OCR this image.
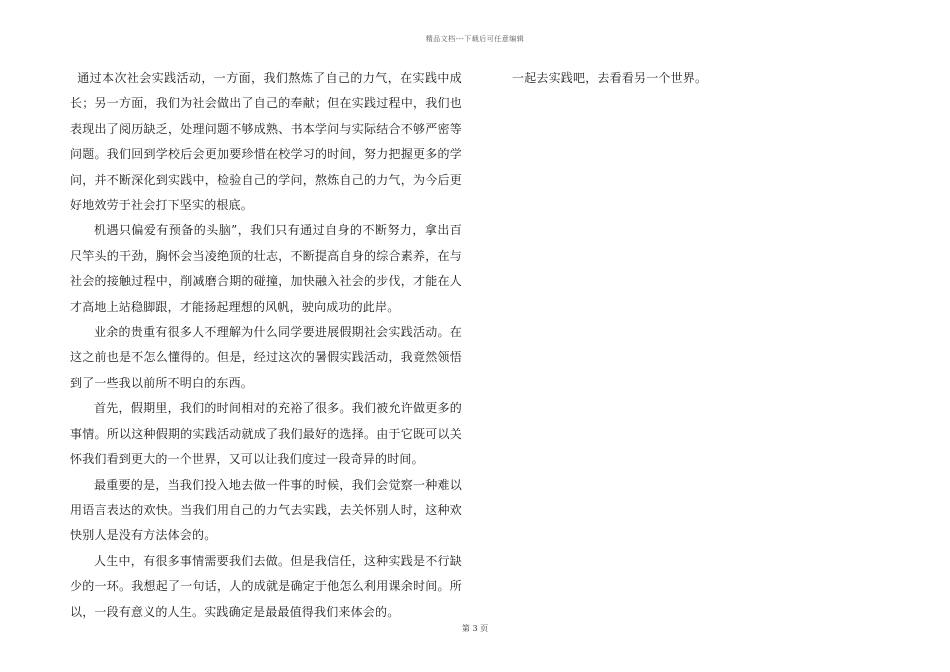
精品文档---下载后可任意编辑

通过本次社会实践活动，一方面，我们熬炼了自己的力气，在实践中成长；另一方面，我们为社会做出了自己的奉献；但在实践过程中，我们也表现出了阅历缺乏，处理问题不够成熟、书本学问与实际结合不够严密等问题。我们回到学校后会更加要珍惜在校学习的时间，努力把握更多的学问，并不断深化到实践中，检验自己的学问，熬炼自己的力气，为今后更好地效劳于社会打下坚实的根底。

机遇只偏爱有预备的头脑”，我们只有通过自身的不断努力，拿出百尺竿头的干劲，胸怀会当凌绝顶的壮志，不断提高自身的综合素养，在与社会的接触过程中，削减磨合期的碰撞，加快融入社会的步伐，才能在人才高地上站稳脚跟，才能扬起理想的风帆，驶向成功的此岸。

业余的贵重有很多人不理解为什么同学要进展假期社会实践活动。在这之前也是不怎么懂得的。但是，经过这次的暑假实践活动，我竟然领悟到了一些我以前所不明白的东西。

首先，假期里，我们的时间相对的充裕了很多。我们被允许做更多的事情。所以这种假期的实践活动就成了我们最好的选择。由于它既可以关怀我们看到更大的一个世界，又可以让我们度过一段奇异的时间。

最重要的是，当我们投入地去做一件事的时候，我们会觉察一种难以用语言表达的欢快。当我们用自己的力气去实践，去关怀别人时，这种欢快别人是没有方法体会的。

人生中，有很多事情需要我们去做。但是我信任，这种实践是不行缺少的一环。我想起了一句话，人的成就是确定于他怎么利用课余时间。所以，一段有意义的人生。实践确定是最最值得我们来体会的。

一起去实践吧，去看看另一个世界。

第 3 页
